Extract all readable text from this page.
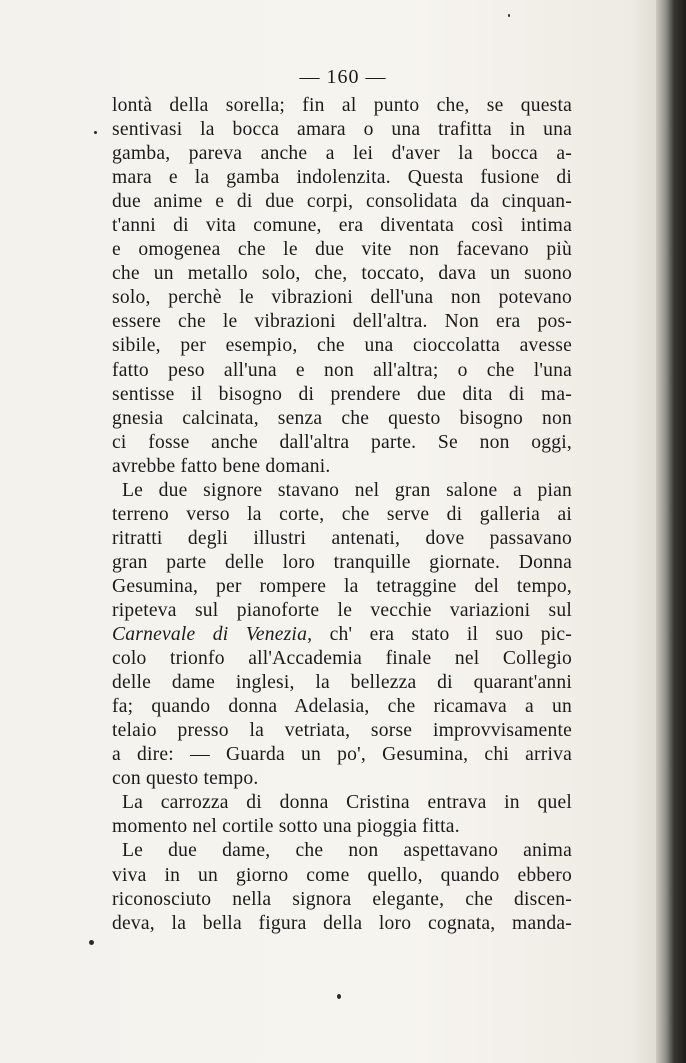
— 160 —
lontà della sorella; fin al punto che, se questa
sentivasi la bocca amara o una trafitta in una
gamba, pareva anche a lei d'aver la bocca a-
mara e la gamba indolenzita. Questa fusione di
due anime e di due corpi, consolidata da cinquan-
t'anni di vita comune, era diventata così intima
e omogenea che le due vite non facevano più
che un metallo solo, che, toccato, dava un suono
solo, perchè le vibrazioni dell'una non potevano
essere che le vibrazioni dell'altra. Non era pos-
sibile, per esempio, che una cioccolatta avesse
fatto peso all'una e non all'altra; o che l'una
sentisse il bisogno di prendere due dita di ma-
gnesia calcinata, senza che questo bisogno non
ci fosse anche dall'altra parte. Se non oggi,
avrebbe fatto bene domani.
Le due signore stavano nel gran salone a pian
terreno verso la corte, che serve di galleria ai
ritratti degli illustri antenati, dove passavano
gran parte delle loro tranquille giornate. Donna
Gesumina, per rompere la tetraggine del tempo,
ripeteva sul pianoforte le vecchie variazioni sul
Carnevale di Venezia, ch' era stato il suo pic-
colo trionfo all'Accademia finale nel Collegio
delle dame inglesi, la bellezza di quarant'anni
fa; quando donna Adelasia, che ricamava a un
telaio presso la vetriata, sorse improvvisamente
a dire: — Guarda un po', Gesumina, chi arriva
con questo tempo.
La carrozza di donna Cristina entrava in quel
momento nel cortile sotto una pioggia fitta.
Le due dame, che non aspettavano anima
viva in un giorno come quello, quando ebbero
riconosciuto nella signora elegante, che discen-
deva, la bella figura della loro cognata, manda-
